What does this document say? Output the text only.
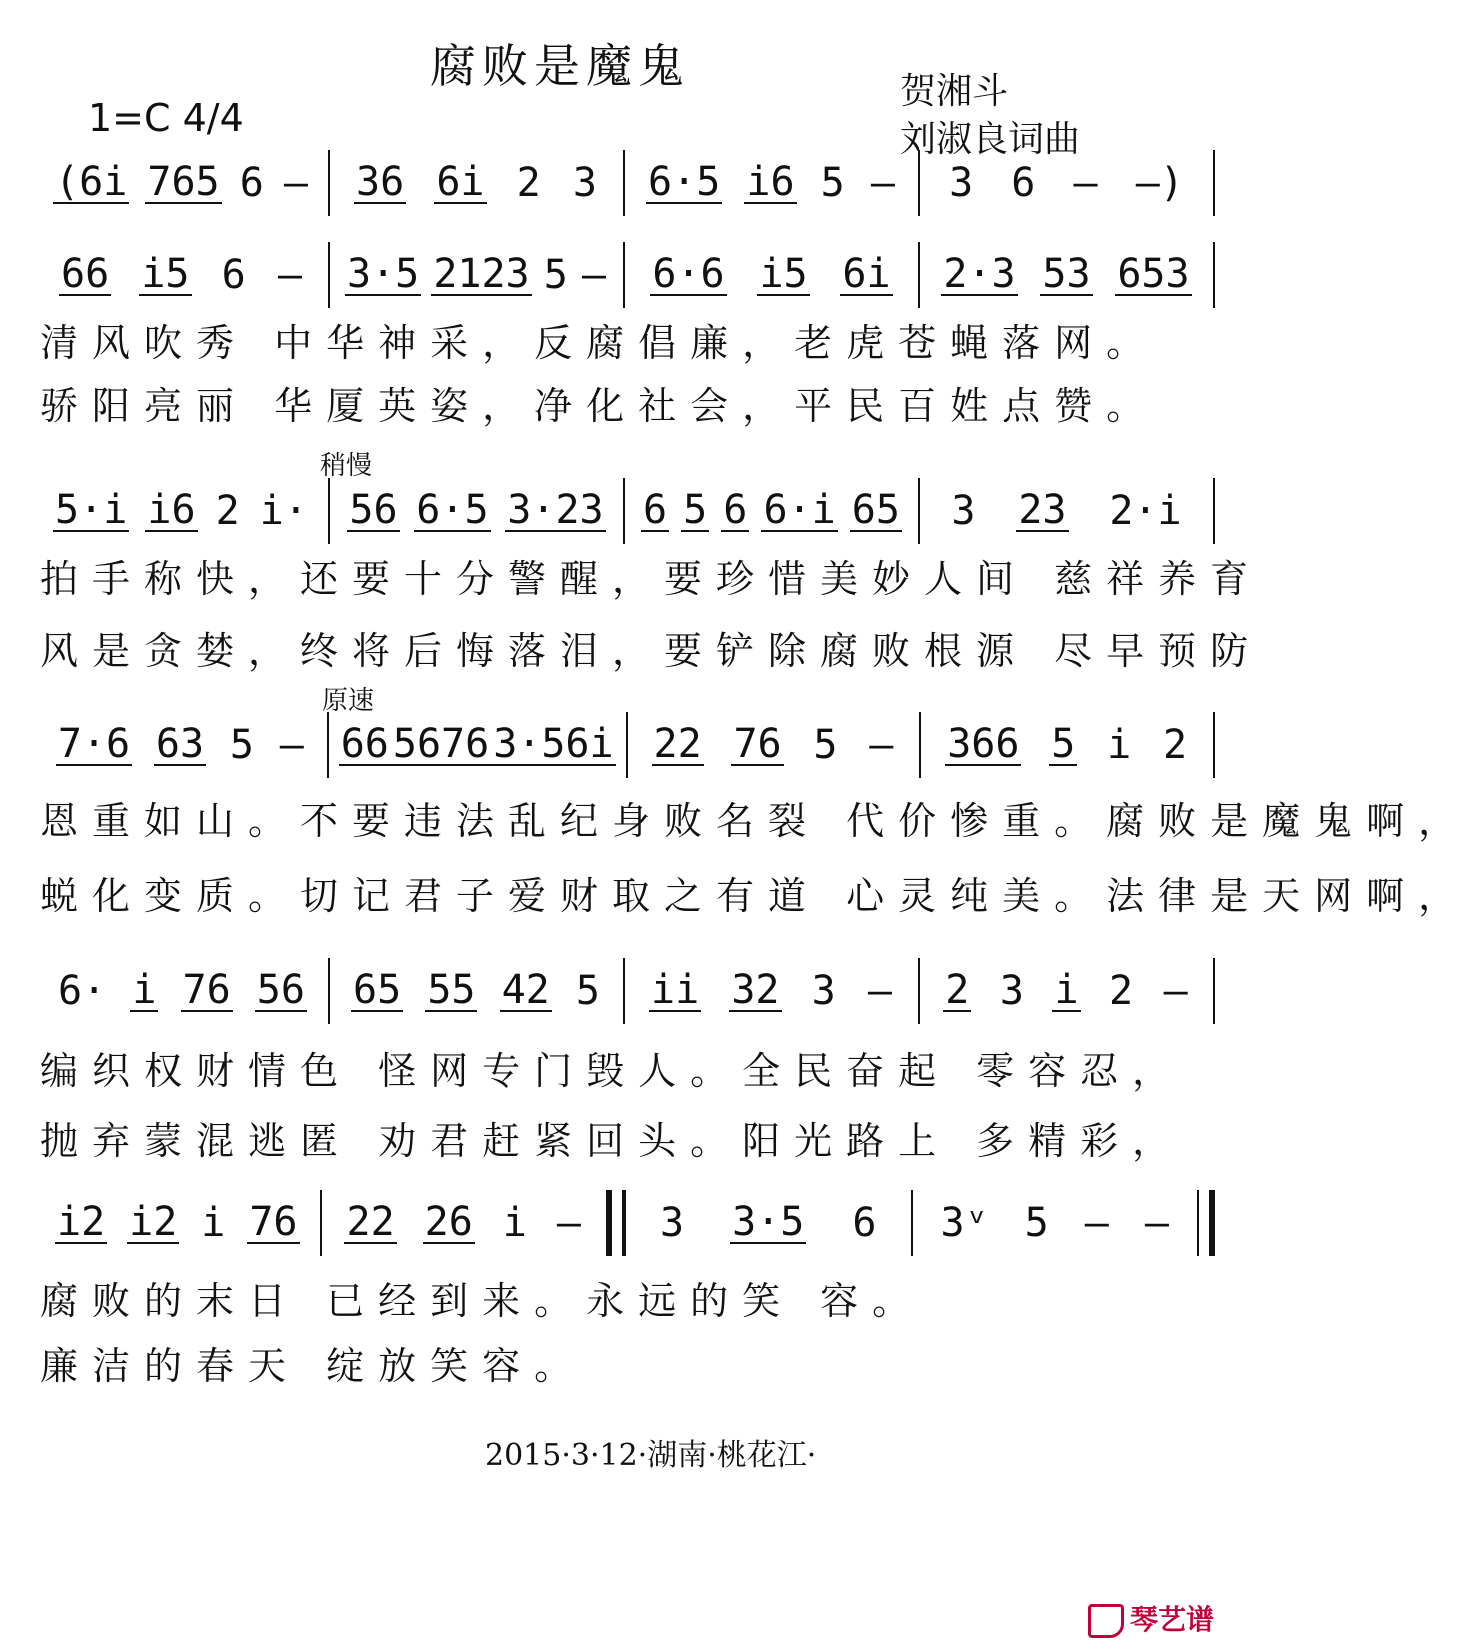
腐败是魔鬼
1=C 4/4
贺湘斗
刘淑良词曲
(6i 765 6 — 36 6i 2 3 6·5 i6 5 — 3 6 — —)
66 i5 6 — 3·5 2123 5 — 6·6 i5 6i 2·3 53 653
清风吹秀 中华神采，反腐倡廉，老虎苍蝇落网。
骄阳亮丽 华厦英姿，净化社会，平民百姓点赞。
稍慢
5·i i6 2 i· 56 6·5 3·23 6 5 6 6·i 65 3 23 2·i
拍手称快，还要十分警醒，要珍惜美妙人间 慈祥养育
风是贪婪，终将后悔落泪，要铲除腐败根源 尽早预防
原速
7·6 63 5 — 66 5676 3·56i 22 76 5 — 366 5 i 2
恩重如山。不要违法乱纪身败名裂 代价惨重。腐败是魔鬼啊，
蜕化变质。切记君子爱财取之有道 心灵纯美。法律是天网啊，
6· i 76 56 65 55 42 5 ii 32 3 — 2 3 i 2 —
编织权财情色 怪网专门毁人。全民奋起 零容忍，
抛弃蒙混逃匿 劝君赶紧回头。阳光路上 多精彩，
i2 i2 i 76 22 26 i — 3 3·5 6 3ᵛ 5 — —
腐败的末日 已经到来。永远的笑 容。
廉洁的春天 绽放笑容。
2015·3·12·湖南·桃花江·
琴艺谱
